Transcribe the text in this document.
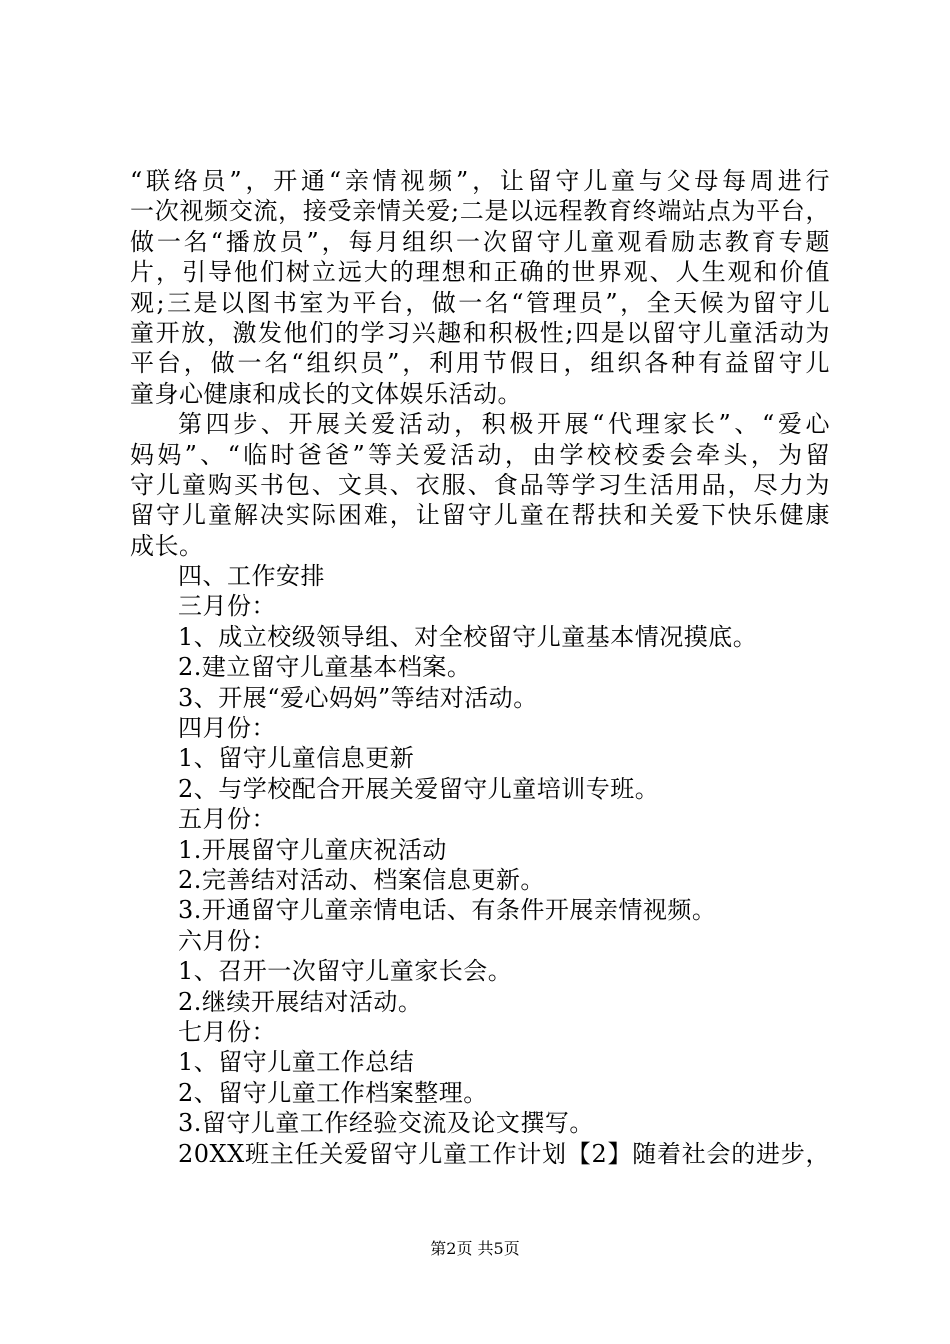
“联络员”，开通“亲情视频”，让留守儿童与父母每周进行
一次视频交流，接受亲情关爱;二是以远程教育终端站点为平台，
做一名“播放员”，每月组织一次留守儿童观看励志教育专题
片，引导他们树立远大的理想和正确的世界观、人生观和价值
观;三是以图书室为平台，做一名“管理员”，全天候为留守儿
童开放，激发他们的学习兴趣和积极性;四是以留守儿童活动为
平台，做一名“组织员”，利用节假日，组织各种有益留守儿
童身心健康和成长的文体娱乐活动。
第四步、开展关爱活动，积极开展“代理家长”、“爱心
妈妈”、“临时爸爸”等关爱活动，由学校校委会牵头，为留
守儿童购买书包、文具、衣服、食品等学习生活用品，尽力为
留守儿童解决实际困难，让留守儿童在帮扶和关爱下快乐健康
成长。
四、工作安排
三月份：
1、成立校级领导组、对全校留守儿童基本情况摸底。
2.建立留守儿童基本档案。
3、开展“爱心妈妈”等结对活动。
四月份：
1、留守儿童信息更新
2、与学校配合开展关爱留守儿童培训专班。
五月份：
1.开展留守儿童庆祝活动
2.完善结对活动、档案信息更新。
3.开通留守儿童亲情电话、有条件开展亲情视频。
六月份：
1、召开一次留守儿童家长会。
2.继续开展结对活动。
七月份：
1、留守儿童工作总结
2、留守儿童工作档案整理。
3.留守儿童工作经验交流及论文撰写。
20XX班主任关爱留守儿童工作计划【2】随着社会的进步，
第2页 共5页
